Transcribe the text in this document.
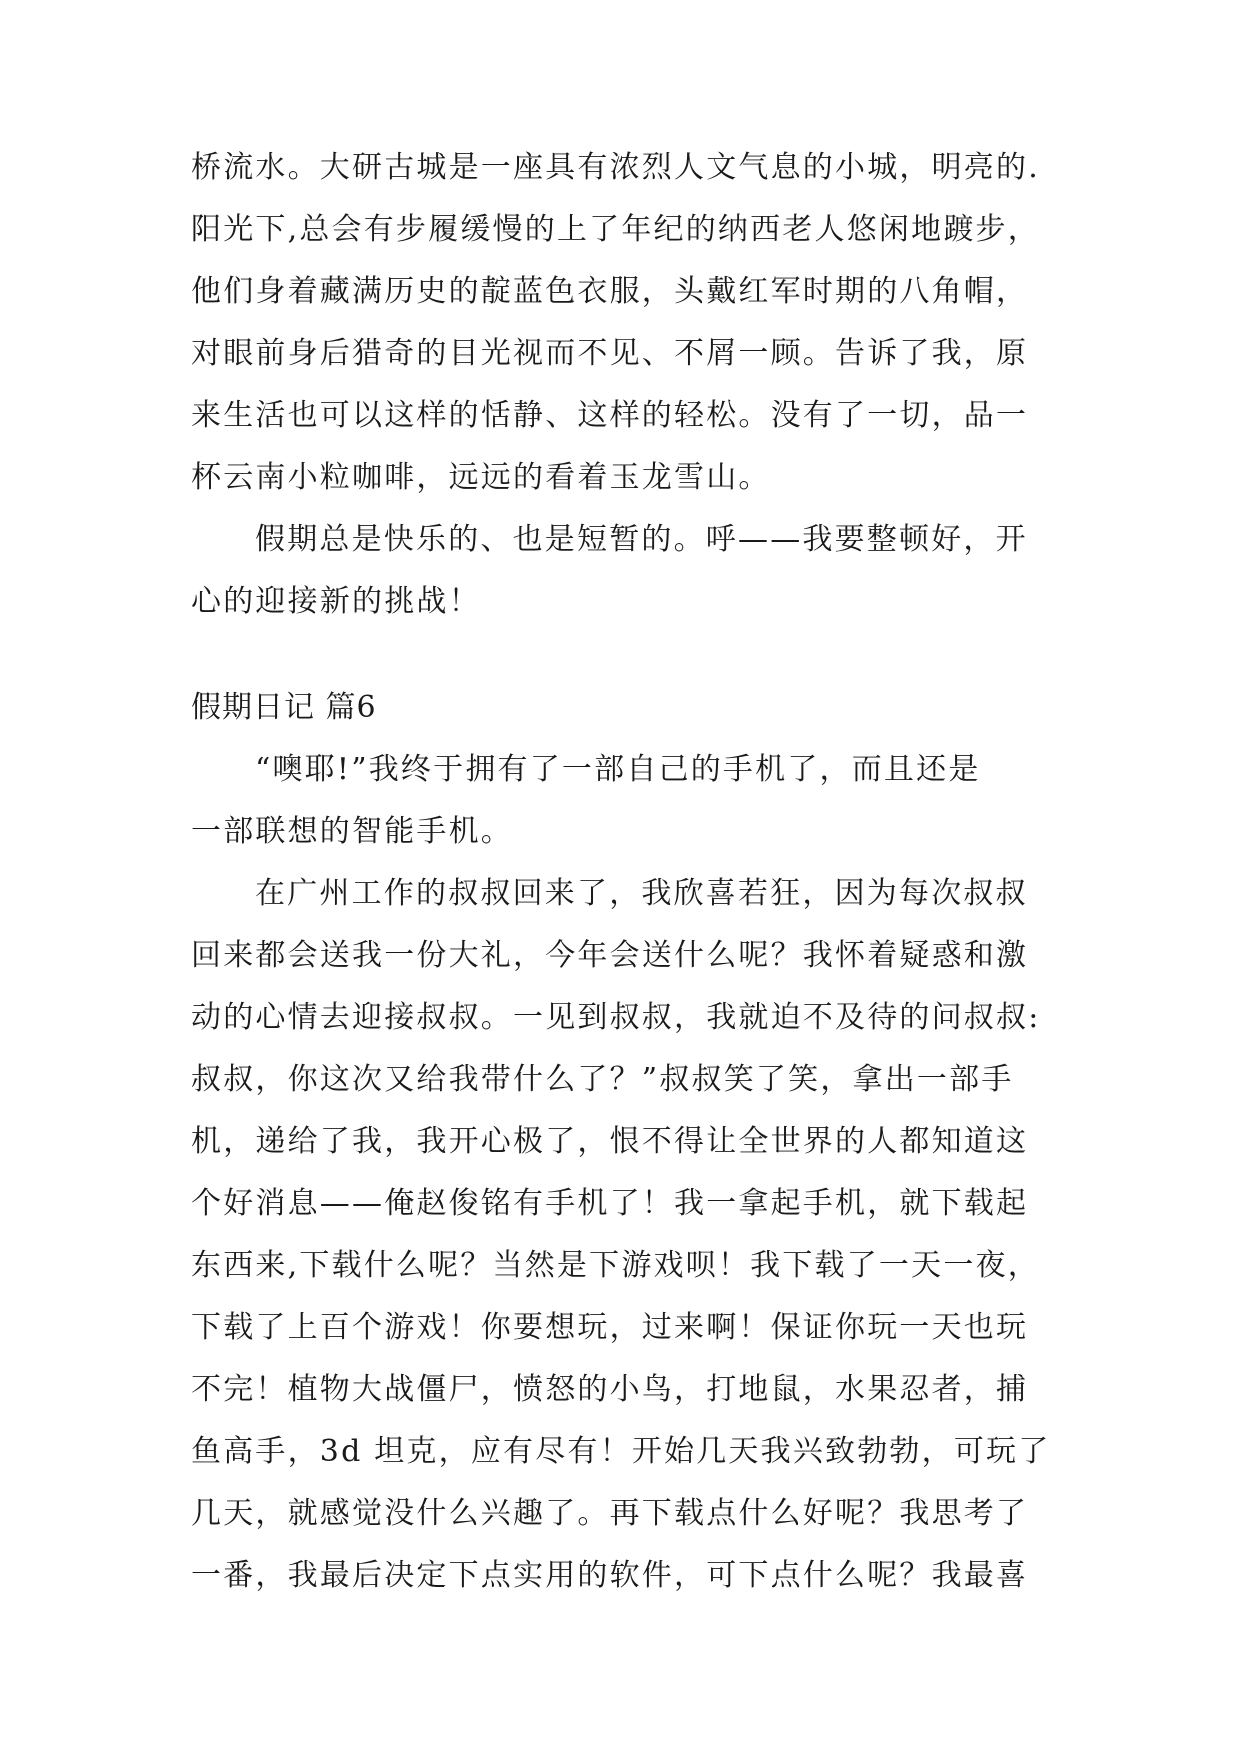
桥流水。大研古城是一座具有浓烈人文气息的小城，明亮的.
阳光下,总会有步履缓慢的上了年纪的纳西老人悠闲地踱步，
他们身着藏满历史的靛蓝色衣服，头戴红军时期的八角帽，
对眼前身后猎奇的目光视而不见、不屑一顾。告诉了我，原
来生活也可以这样的恬静、这样的轻松。没有了一切，品一
杯云南小粒咖啡，远远的看着玉龙雪山。
假期总是快乐的、也是短暂的。呼——我要整顿好，开
心的迎接新的挑战！
假期日记 篇6
“噢耶!”我终于拥有了一部自己的手机了，而且还是
一部联想的智能手机。
在广州工作的叔叔回来了，我欣喜若狂，因为每次叔叔
回来都会送我一份大礼，今年会送什么呢？我怀着疑惑和激
动的心情去迎接叔叔。一见到叔叔，我就迫不及待的问叔叔:
叔叔，你这次又给我带什么了？”叔叔笑了笑，拿出一部手
机，递给了我，我开心极了，恨不得让全世界的人都知道这
个好消息——俺赵俊铭有手机了！我一拿起手机，就下载起
东西来,下载什么呢？当然是下游戏呗！我下载了一天一夜，
下载了上百个游戏！你要想玩，过来啊！保证你玩一天也玩
不完！植物大战僵尸，愤怒的小鸟，打地鼠，水果忍者，捕
鱼高手，3d 坦克，应有尽有！开始几天我兴致勃勃，可玩了
几天，就感觉没什么兴趣了。再下载点什么好呢？我思考了
一番，我最后决定下点实用的软件，可下点什么呢？我最喜
